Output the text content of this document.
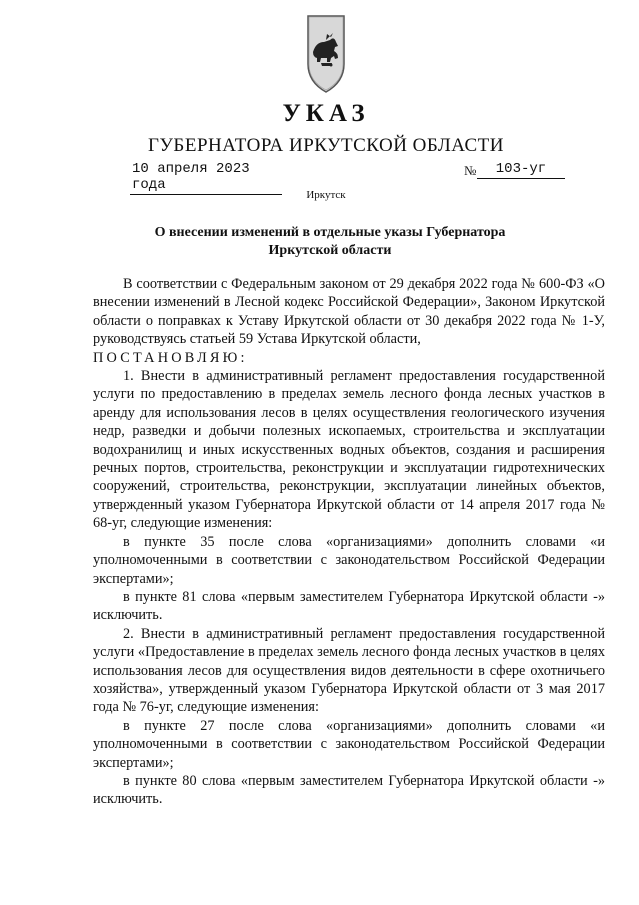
УКАЗ
ГУБЕРНАТОРА ИРКУТСКОЙ ОБЛАСТИ
10 апреля 2023 года
№	103-уг
Иркутск
О внесении изменений в отдельные указы Губернатора Иркутской области

В соответствии с Федеральным законом от 29 декабря 2022 года № 600-ФЗ «О внесении изменений в Лесной кодекс Российской Федерации», Законом Иркутской области о поправках к Уставу Иркутской области от 30 декабря 2022 года № 1-У, руководствуясь статьей 59 Устава Иркутской области,

ПОСТАНОВЛЯЮ:

1. Внести в административный регламент предоставления государственной услуги по предоставлению в пределах земель лесного фонда лесных участков в аренду для использования лесов в целях осуществления геологического изучения недр, разведки и добычи полезных ископаемых, строительства и эксплуатации водохранилищ и иных искусственных водных объектов, создания и расширения речных портов, строительства, реконструкции и эксплуатации гидротехнических сооружений, строительства, реконструкции, эксплуатации линейных объектов, утвержденный указом Губернатора Иркутской области от 14 апреля 2017 года № 68-уг, следующие изменения:

в пункте 35 после слова «организациями» дополнить словами «и уполномоченными в соответствии с законодательством Российской Федерации экспертами»;

в пункте 81 слова «первым заместителем Губернатора Иркутской области -» исключить.

2. Внести в административный регламент предоставления государственной услуги «Предоставление в пределах земель лесного фонда лесных участков в целях использования лесов для осуществления видов деятельности в сфере охотничьего хозяйства», утвержденный указом Губернатора Иркутской области от 3 мая 2017 года № 76-уг, следующие изменения:

в пункте 27 после слова «организациями» дополнить словами «и уполномоченными в соответствии с законодательством Российской Федерации экспертами»;

в пункте 80 слова «первым заместителем Губернатора Иркутской области -» исключить.
